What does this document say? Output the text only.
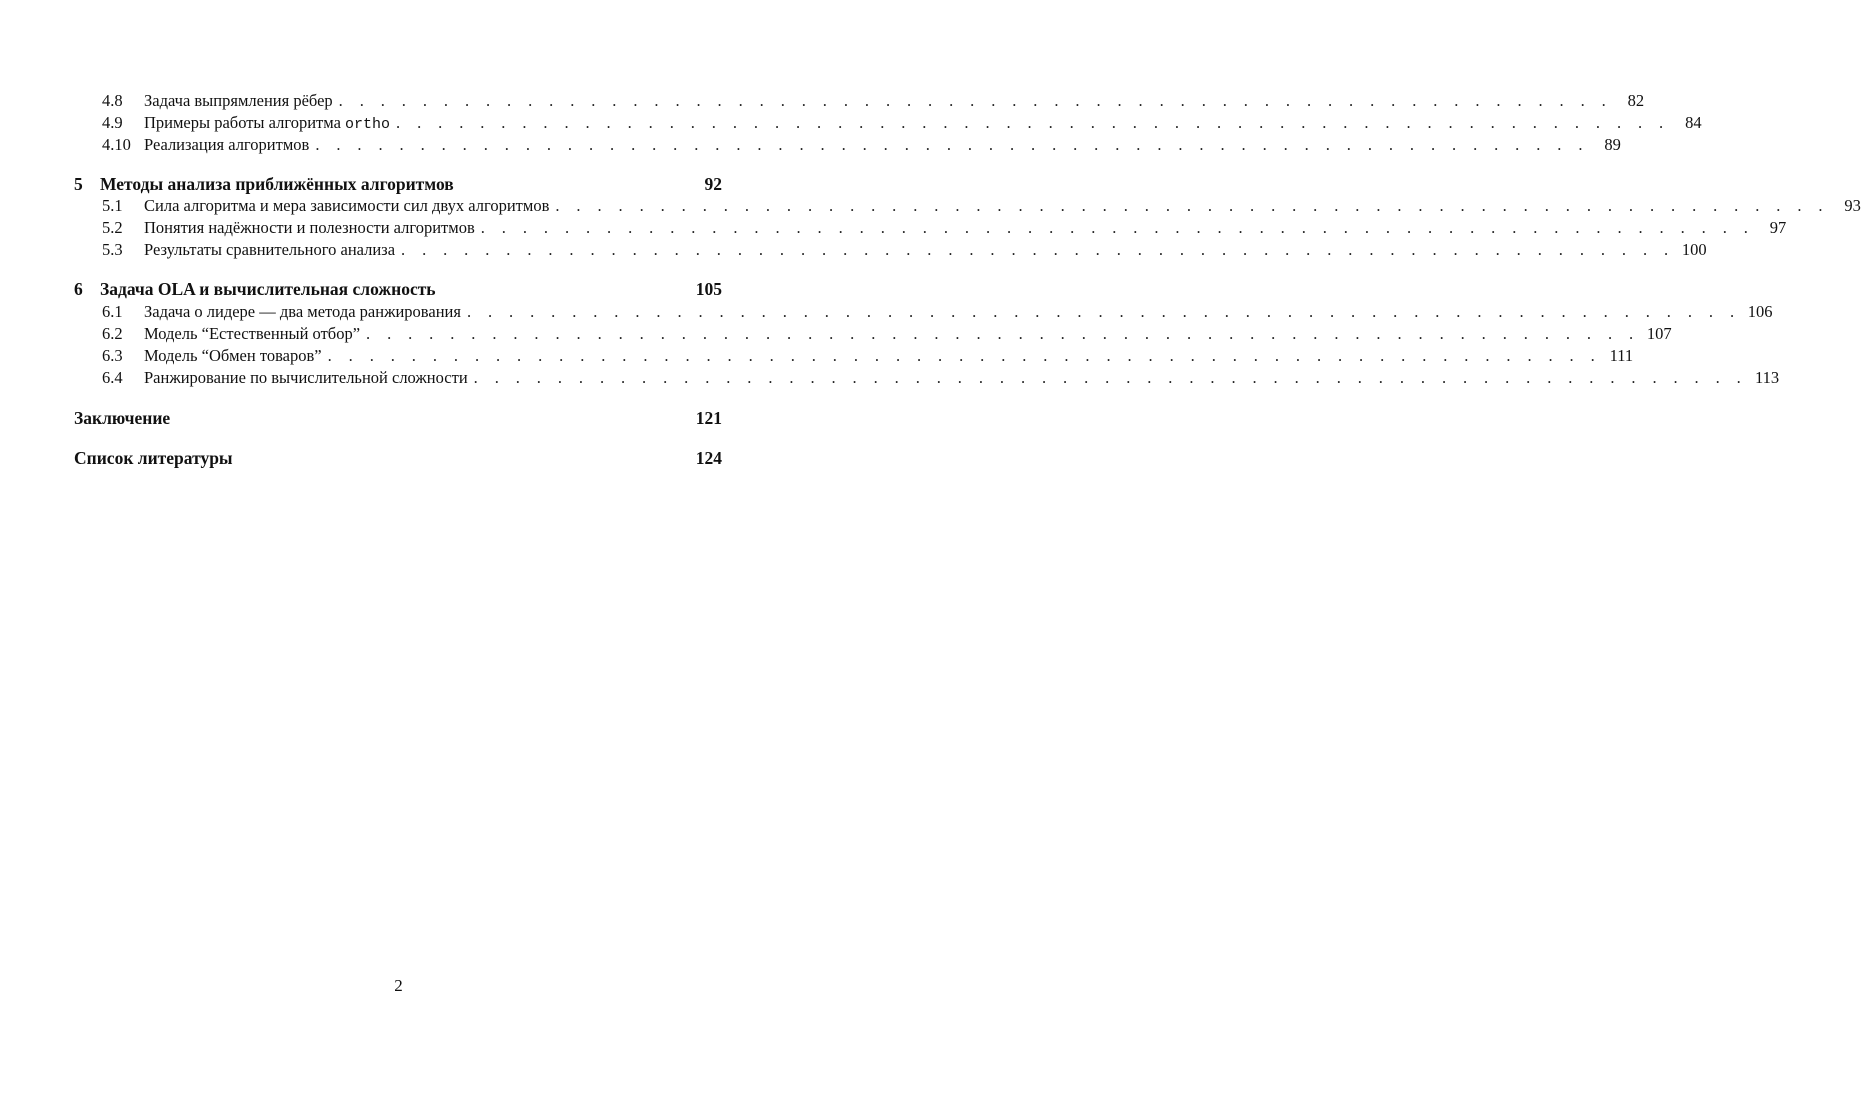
4.8	Задача выпрямления рёбер . . . . . . . . . . . . . . . . . . . . . . . . . . . . . . . . . . . . . . . . . . . . . . . . . . . . . . . . . . . . . 82
4.9	Примеры работы алгоритма ortho . . . . . . . . . . . . . . . . . . . . . . . . . . . . . . . . . . . . . . . . . . . . . . . . . . . . . . . . . . . . . 84
4.10 Реализация алгоритмов . . . . . . . . . . . . . . . . . . . . . . . . . . . . . . . . . . . . . . . . . . . . . . . . . . . . . . . . . . . . . 89
5 Методы анализа приближённых алгоритмов	92
5.1	Сила алгоритма и мера зависимости сил двух алгоритмов . . . . . . . . . . . . . . . . . . . . . . . . . . . . . . . . . . . . . . . . . . . . . . . . . . . . . . . . . . . . . 93
5.2	Понятия надёжности и полезности алгоритмов . . . . . . . . . . . . . . . . . . . . . . . . . . . . . . . . . . . . . . . . . . . . . . . . . . . . . . . . . . . . . 97
5.3	Результаты сравнительного анализа . . . . . . . . . . . . . . . . . . . . . . . . . . . . . . . . . . . . . . . . . . . . . . . . . . . . . . . . . . . . . 100
6 Задача OLA и вычислительная сложность	105
6.1	Задача о лидере — два метода ранжирования . . . . . . . . . . . . . . . . . . . . . . . . . . . . . . . . . . . . . . . . . . . . . . . . . . . . . . . . . . . . . 106
6.2	Модель “Естественный отбор” . . . . . . . . . . . . . . . . . . . . . . . . . . . . . . . . . . . . . . . . . . . . . . . . . . . . . . . . . . . . . 107
6.3	Модель “Обмен товаров” . . . . . . . . . . . . . . . . . . . . . . . . . . . . . . . . . . . . . . . . . . . . . . . . . . . . . . . . . . . . . 111
6.4	Ранжирование по вычислительной сложности . . . . . . . . . . . . . . . . . . . . . . . . . . . . . . . . . . . . . . . . . . . . . . . . . . . . . . . . . . . . . 113
Заключение	121
Список литературы	124
2
